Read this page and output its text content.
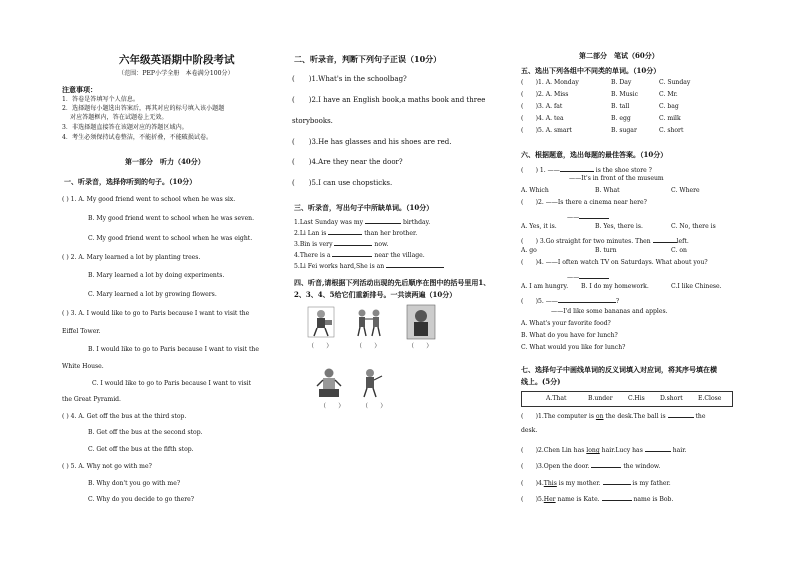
六年级英语期中阶段考试
（范围：PEP小学全册　本卷满分100分）
注意事项：
1．答卷是答填写个人信息。
2．选择题每小题选出答案后，再其对应的标号填入该小题题
　 对应答题框内，答在试题卷上无效。
3．非选择题直接答在该题对应的答题区域内。
4．考生必须保持试卷整洁，不能折叠，不能破损试卷。
第一部分　听力（40分）
一、听录音，选择你听到的句子。（10分）
( ) 1. A. My good friend went to school when he was six.
B. My good friend went to school when he was seven.
C. My good friend went to school when he was eight.
( ) 2. A. Mary learned a lot by planting trees.
B. Mary learned a lot by doing experiments.
C. Mary learned a lot by growing flowers.
( ) 3. A. I would like to go to Paris because I want to visit the
Eiffel Tower.
B. I would like to go to Paris because I want to visit the
White House.
C. I would like to go to Paris because I want to visit
the Great Pyramid.
( ) 4. A. Get off the bus at the third stop.
B. Get off the bus at the second stop.
C. Get off the bus at the fifth stop.
( ) 5. A. Why not go with me?
B. Why don't you go with me?
C. Why do you decide to go there?
二、听录音，判断下列句子正误（10分）
(　　)1.What's in the schoolbag?
(　　)2.I have an English book,a maths book and three
storybooks.
(　　)3.He has glasses and his shoes are red.
(　　)4.Are they near the door?
(　　)5.I can use chopsticks.
三、听录音，写出句子中所缺单词。（10分）
1.Last Sunday was my	birthday.
2.Li Lan is	than her brother.
3.Bin is very	now.
4.There is a	near the village.
5.Li Fei works hard,She is an
四、听音,请根据下列活动出现的先后顺序在图中的括号里用1、
2、3、4、5给它们重新排号。一共读两遍（10分）
（　　）	（　　）	（　　）
（　　）	（　　）
第二部分　笔试（60分）
五、选出下列各组中不同类的单词。（10分）
(　　)1. A. Monday	B. Day	C. Sunday
(　　)2. A. Miss	B. Music	C. Mr.
(　　)3. A. fat	B. tall	C. bag
(　　)4. A. tea	B. egg	C. milk
(　　)5. A. smart	B. sugar	C. short
六、根据题意，选出每题的最佳答案。（10分）
(　　) 1. ——	is the shoe store ?
——It's in front of the museum
A. Which	B. What	C. Where
(　　)2. ——Is there a cinema near here?
——
A. Yes, it is.	B. Yes, there is.	C. No, there is
(　　) 3.Go straight for two minutes. Then	left.
A. go	B. turn	C. on
(　　)4. ——I often watch TV on Saturdays. What about you?
——
A. I am hungry. B. I do my homework.	C.I like Chinese.
(　　)5. ——	?
——I'd like some bananas and apples.
A. What's your favorite food?
B. What do you have for lunch?
C. What would you like for lunch?
七、选择句子中画线单词的反义词填入对应词，将其序号填在横
线上。(5分)
A.That	B.under	C.His D.short	E.Close
(　　)1.The computer is on the desk.The ball is	the
desk.
(　　)2.Chen Lin has long hair.Lucy has	hair.
(　　)3.Open the door.	the window.
(　　)4.This is my mother.	is my father.
(　　)5.Her name is Kate.	name is Bob.
